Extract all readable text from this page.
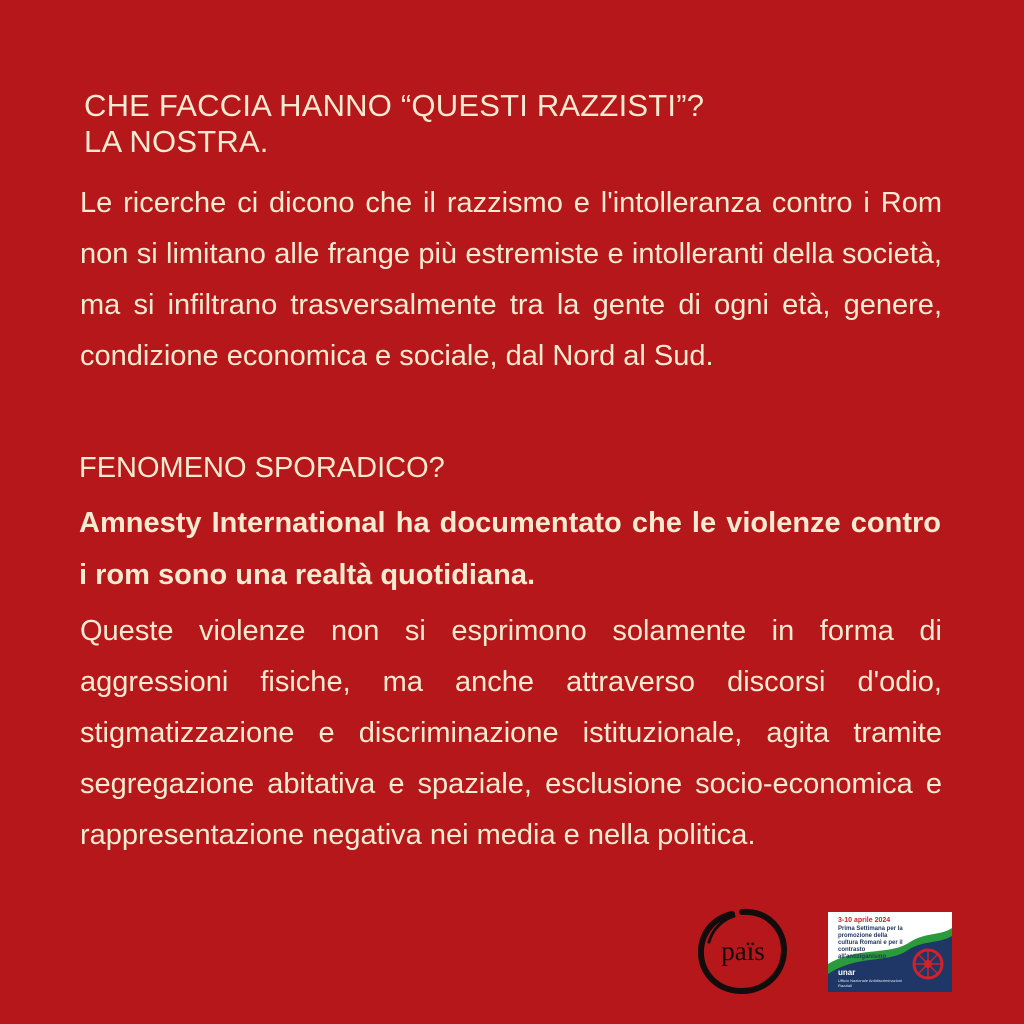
CHE FACCIA HANNO “QUESTI RAZZISTI”?
LA NOSTRA.
Le ricerche ci dicono che il razzismo e l'intolleranza contro i Rom non si limitano alle frange più estremiste e intolleranti della società, ma si infiltrano trasversalmente tra la gente di ogni età, genere, condizione economica e sociale, dal Nord al Sud.
FENOMENO SPORADICO?
Amnesty International ha documentato che le violenze contro i rom sono una realtà quotidiana.
Queste violenze non si esprimono solamente in forma di aggressioni fisiche, ma anche attraverso discorsi d'odio, stigmatizzazione e discriminazione istituzionale, agita tramite segregazione abitativa e spaziale, esclusione socio-economica e rappresentazione negativa nei media e nella politica.
païs
3-10 aprile 2024
Prima Settimana per la promozione della cultura Romanì e per il contrasto all'antiziganismo
unar
Ufficio Nazionale Antidiscriminazioni Razziali
